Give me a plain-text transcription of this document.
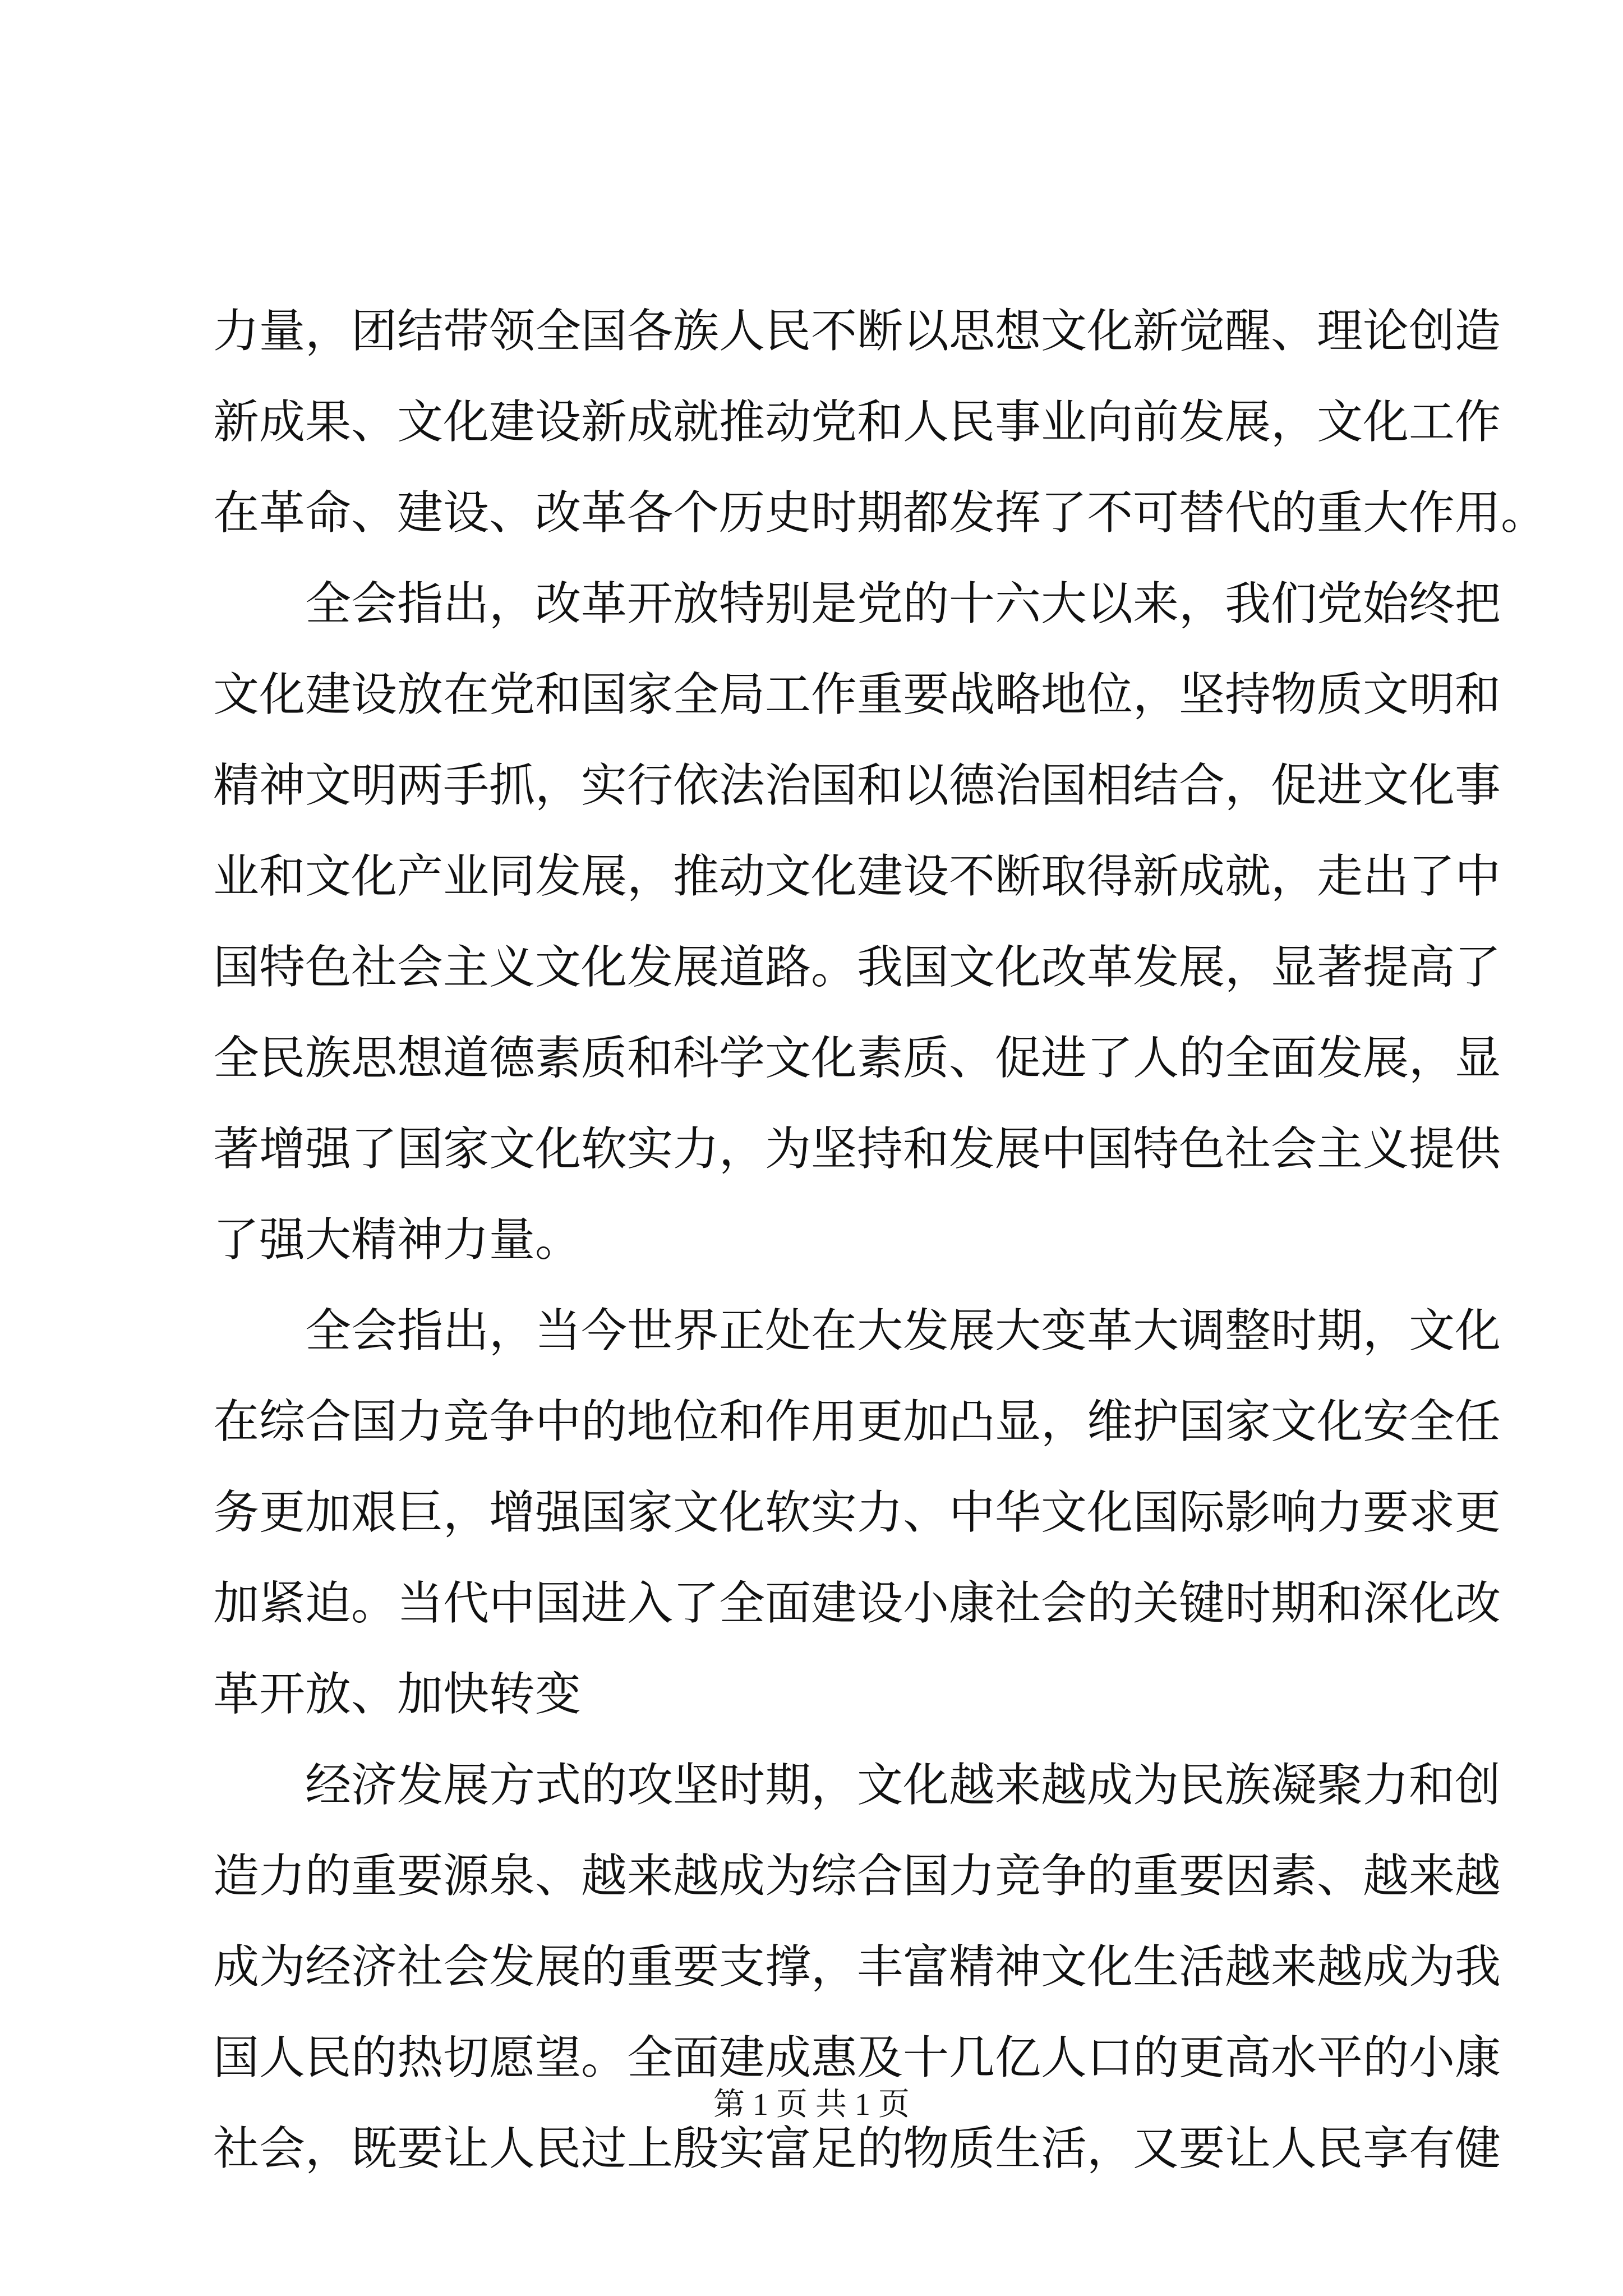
力量，团结带领全国各族人民不断以思想文化新觉醒、理论创造
新成果、文化建设新成就推动党和人民事业向前发展，文化工作
在革命、建设、改革各个历史时期都发挥了不可替代的重大作用。
全会指出，改革开放特别是党的十六大以来，我们党始终把
文化建设放在党和国家全局工作重要战略地位，坚持物质文明和
精神文明两手抓，实行依法治国和以德治国相结合，促进文化事
业和文化产业同发展，推动文化建设不断取得新成就，走出了中
国特色社会主义文化发展道路。我国文化改革发展，显著提高了
全民族思想道德素质和科学文化素质、促进了人的全面发展，显
著增强了国家文化软实力，为坚持和发展中国特色社会主义提供
了强大精神力量。
全会指出，当今世界正处在大发展大变革大调整时期，文化
在综合国力竞争中的地位和作用更加凸显，维护国家文化安全任
务更加艰巨，增强国家文化软实力、中华文化国际影响力要求更
加紧迫。当代中国进入了全面建设小康社会的关键时期和深化改
革开放、加快转变
经济发展方式的攻坚时期，文化越来越成为民族凝聚力和创
造力的重要源泉、越来越成为综合国力竞争的重要因素、越来越
成为经济社会发展的重要支撑，丰富精神文化生活越来越成为我
国人民的热切愿望。全面建成惠及十几亿人口的更高水平的小康
社会，既要让人民过上殷实富足的物质生活，又要让人民享有健
第 1 页 共 1 页
